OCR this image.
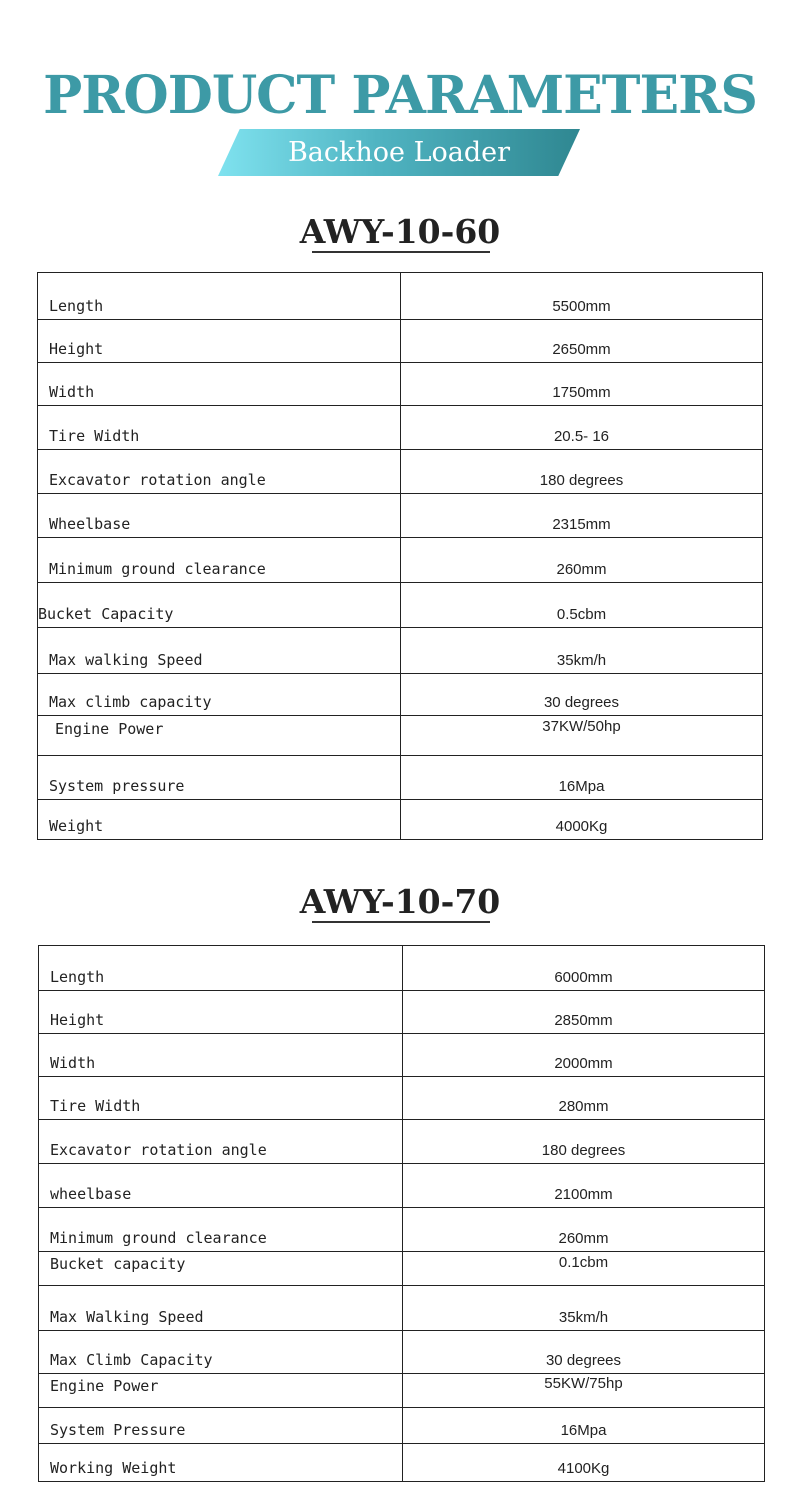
PRODUCT PARAMETERS
Backhoe Loader
AWY-10-60
Length	5500mm
Height	2650mm
Width	1750mm
Tire Width	20.5- 16
Excavator rotation angle	180 degrees
Wheelbase	2315mm
Minimum ground clearance	260mm
Bucket Capacity	0.5cbm
Max walking Speed	35km/h
Max climb capacity	30 degrees
Engine Power	37KW/50hp
System pressure	16Mpa
Weight	4000Kg
AWY-10-70
Length	6000mm
Height	2850mm
Width	2000mm
Tire Width	280mm
Excavator rotation angle	180 degrees
wheelbase	2100mm
Minimum ground clearance	260mm
Bucket capacity	0.1cbm
Max Walking Speed	35km/h
Max Climb Capacity	30 degrees
Engine Power	55KW/75hp
System Pressure	16Mpa
Working Weight	4100Kg
